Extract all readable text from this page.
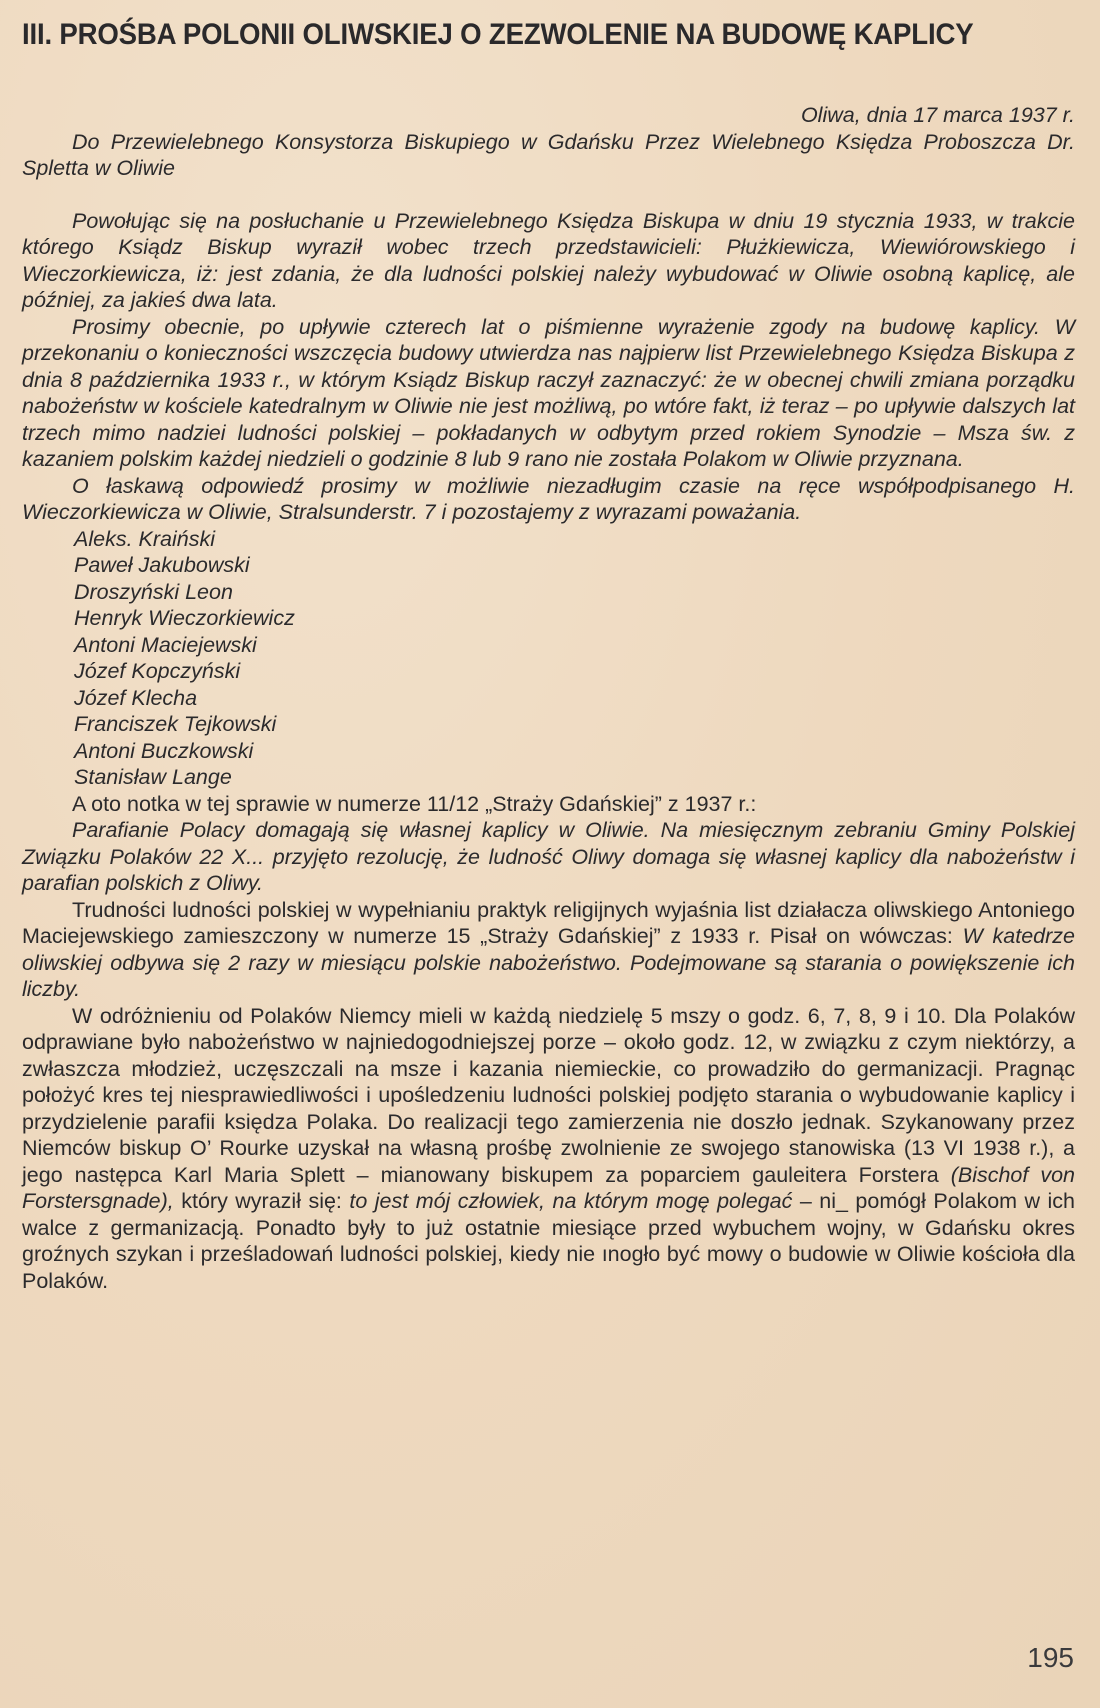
III. PROŚBA POLONII OLIWSKIEJ O ZEZWOLENIE NA BUDOWĘ KAPLICY
Oliwa, dnia 17 marca 1937 r.

Do Przewielebnego Konsystorza Biskupiego w Gdańsku Przez Wielebnego Księdza Proboszcza Dr. Spletta w Oliwie

Powołując się na posłuchanie u Przewielebnego Księdza Biskupa w dniu 19 stycznia 1933, w trakcie którego Ksiądz Biskup wyraził wobec trzech przedstawicieli: Płużkiewicza, Wiewiórowskiego i Wieczorkiewicza, iż: jest zdania, że dla ludności polskiej należy wybudować w Oliwie osobną kaplicę, ale później, za jakieś dwa lata.

Prosimy obecnie, po upływie czterech lat o piśmienne wyrażenie zgody na budowę kaplicy. W przekonaniu o konieczności wszczęcia budowy utwierdza nas najpierw list Przewielebnego Księdza Biskupa z dnia 8 października 1933 r., w którym Ksiądz Biskup raczył zaznaczyć: że w obecnej chwili zmiana porządku nabożeństw w kościele katedralnym w Oliwie nie jest możliwą, po wtóre fakt, iż teraz – po upływie dalszych lat trzech mimo nadziei ludności polskiej – pokładanych w odbytym przed rokiem Synodzie – Msza św. z kazaniem polskim każdej niedzieli o godzinie 8 lub 9 rano nie została Polakom w Oliwie przyznana.

O łaskawą odpowiedź prosimy w możliwie niezadługim czasie na ręce współpodpisanego H. Wieczorkiewicza w Oliwie, Stralsunderstr. 7 i pozostajemy z wyrazami poważania.

Aleks. Kraiński
Paweł Jakubowski
Droszyński Leon
Henryk Wieczorkiewicz
Antoni Maciejewski
Józef Kopczyński
Józef Klecha
Franciszek Tejkowski
Antoni Buczkowski
Stanisław Lange

A oto notka w tej sprawie w numerze 11/12 „Straży Gdańskiej” z 1937 r.:

Parafianie Polacy domagają się własnej kaplicy w Oliwie. Na miesięcznym zebraniu Gminy Polskiej Związku Polaków 22 X... przyjęto rezolucję, że ludność Oliwy domaga się własnej kaplicy dla nabożeństw i parafian polskich z Oliwy.

Trudności ludności polskiej w wypełnianiu praktyk religijnych wyjaśnia list działacza oliwskiego Antoniego Maciejewskiego zamieszczony w numerze 15 „Straży Gdańskiej” z 1933 r. Pisał on wówczas: W katedrze oliwskiej odbywa się 2 razy w miesiącu polskie nabożeństwo. Podejmowane są starania o powiększenie ich liczby.

W odróżnieniu od Polaków Niemcy mieli w każdą niedzielę 5 mszy o godz. 6, 7, 8, 9 i 10. Dla Polaków odprawiane było nabożeństwo w najniedogodniejszej porze – około godz. 12, w związku z czym niektórzy, a zwłaszcza młodzież, uczęszczali na msze i kazania niemieckie, co prowadziło do germanizacji. Pragnąc położyć kres tej niesprawiedliwości i upośledzeniu ludności polskiej podjęto starania o wybudowanie kaplicy i przydzielenie parafii księdza Polaka. Do realizacji tego zamierzenia nie doszło jednak. Szykanowany przez Niemców biskup O’ Rourke uzyskał na własną prośbę zwolnienie ze swojego stanowiska (13 VI 1938 r.), a jego następca Karl Maria Splett – mianowany biskupem za poparciem gauleitera Forstera (Bischof von Forstersgnade), który wyraził się: to jest mój człowiek, na którym mogę polegać – ni_ pomógł Polakom w ich walce z germanizacją. Ponadto były to już ostatnie miesiące przed wybuchem wojny, w Gdańsku okres groźnych szykan i prześladowań ludności polskiej, kiedy nie ınogło być mowy o budowie w Oliwie kościoła dla Polaków.

195
